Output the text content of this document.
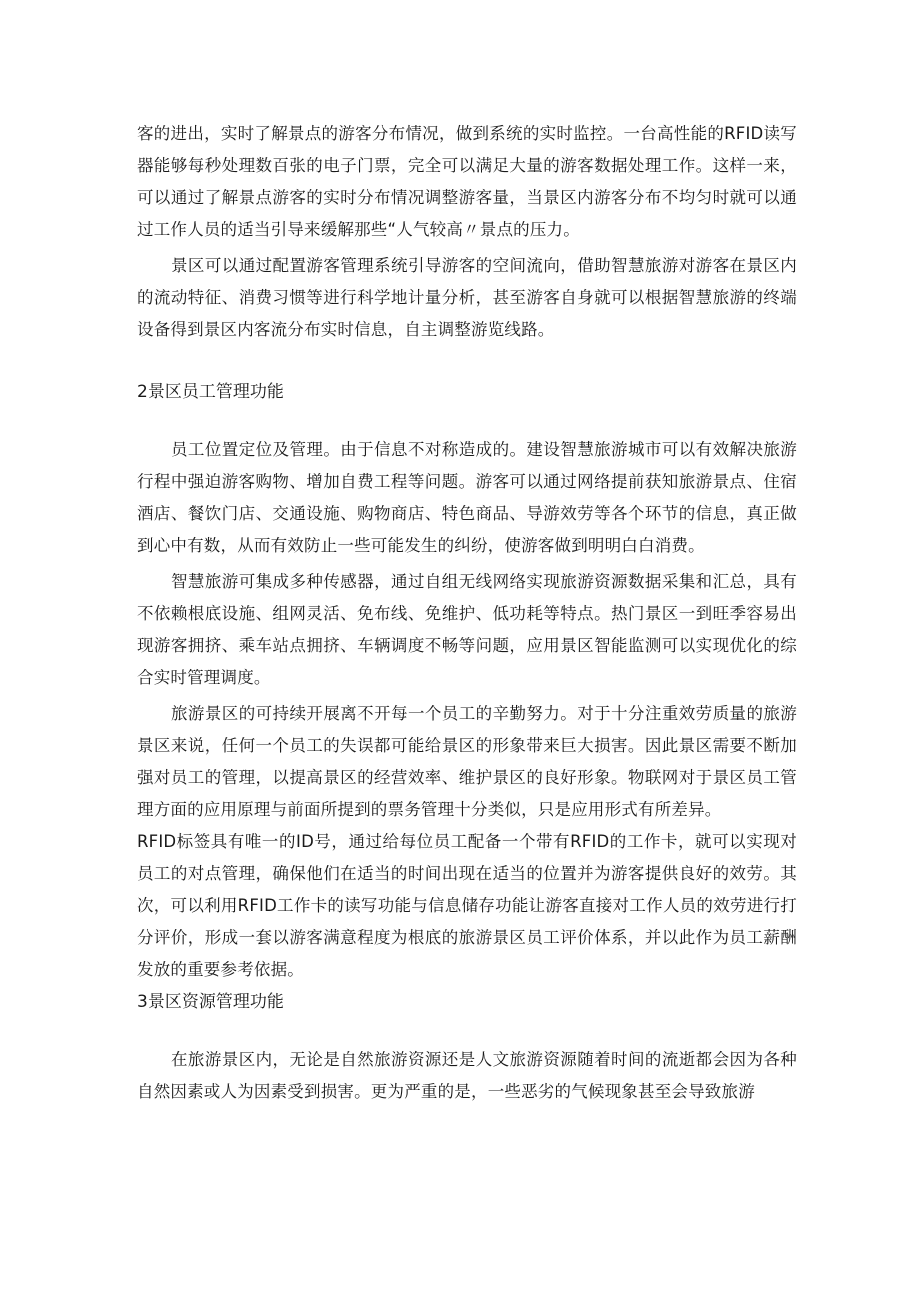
客的进出，实时了解景点的游客分布情况，做到系统的实时监控。一台高性能的RFID读写器能够每秒处理数百张的电子门票，完全可以满足大量的游客数据处理工作。这样一来，可以通过了解景点游客的实时分布情况调整游客量，当景区内游客分布不均匀时就可以通过工作人员的适当引导来缓解那些“人气较高〃景点的压力。

景区可以通过配置游客管理系统引导游客的空间流向，借助智慧旅游对游客在景区内的流动特征、消费习惯等进行科学地计量分析，甚至游客自身就可以根据智慧旅游的终端设备得到景区内客流分布实时信息，自主调整游览线路。

2景区员工管理功能

员工位置定位及管理。由于信息不对称造成的。建设智慧旅游城市可以有效解决旅游行程中强迫游客购物、增加自费工程等问题。游客可以通过网络提前获知旅游景点、住宿酒店、餐饮门店、交通设施、购物商店、特色商品、导游效劳等各个环节的信息，真正做到心中有数，从而有效防止一些可能发生的纠纷，使游客做到明明白白消费。

智慧旅游可集成多种传感器，通过自组无线网络实现旅游资源数据采集和汇总，具有不依赖根底设施、组网灵活、免布线、免维护、低功耗等特点。热门景区一到旺季容易出现游客拥挤、乘车站点拥挤、车辆调度不畅等问题，应用景区智能监测可以实现优化的综合实时管理调度。

旅游景区的可持续开展离不开每一个员工的辛勤努力。对于十分注重效劳质量的旅游景区来说，任何一个员工的失误都可能给景区的形象带来巨大损害。因此景区需要不断加强对员工的管理，以提高景区的经营效率、维护景区的良好形象。物联网对于景区员工管理方面的应用原理与前面所提到的票务管理十分类似，只是应用形式有所差异。

RFID标签具有唯一的ID号，通过给每位员工配备一个带有RFID的工作卡，就可以实现对员工的对点管理，确保他们在适当的时间出现在适当的位置并为游客提供良好的效劳。其次，可以利用RFID工作卡的读写功能与信息储存功能让游客直接对工作人员的效劳进行打分评价，形成一套以游客满意程度为根底的旅游景区员工评价体系，并以此作为员工薪酬发放的重要参考依据。

3景区资源管理功能

在旅游景区内，无论是自然旅游资源还是人文旅游资源随着时间的流逝都会因为各种自然因素或人为因素受到损害。更为严重的是，一些恶劣的气候现象甚至会导致旅游
